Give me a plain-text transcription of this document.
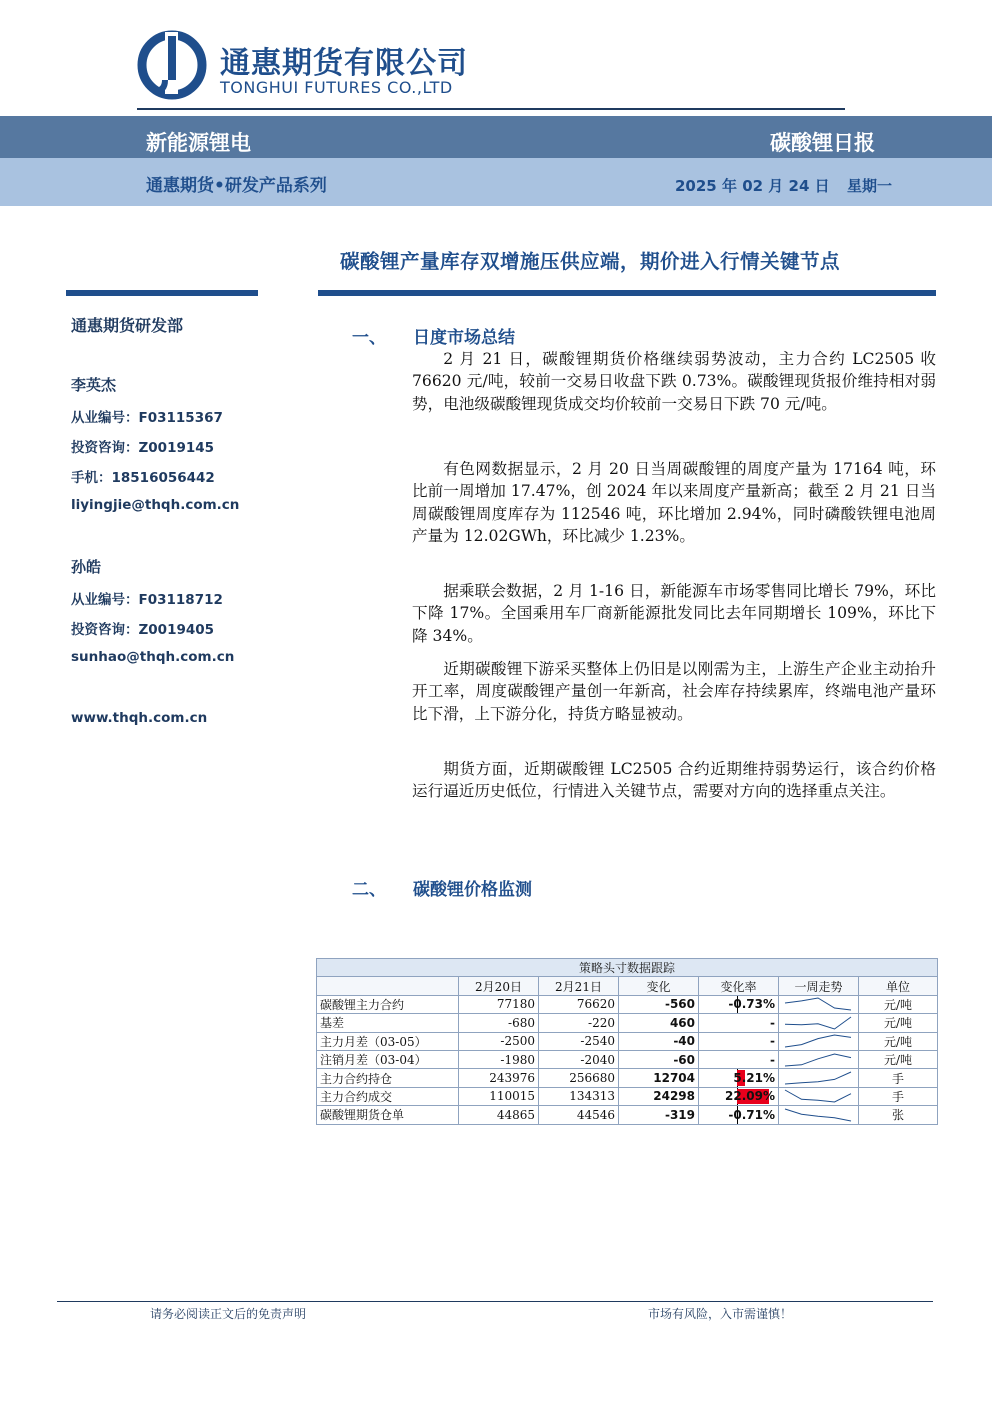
通惠期货有限公司
TONGHUI FUTURES CO.,LTD
新能源锂电	碳酸锂日报
通惠期货•研发产品系列	2025 年 02 月 24 日 星期一
碳酸锂产量库存双增施压供应端，期价进入行情关键节点
通惠期货研发部
李英杰
从业编号：F03115367
投资咨询：Z0019145
手机：18516056442
liyingjie@thqh.com.cn
孙皓
从业编号：F03118712
投资咨询：Z0019405
sunhao@thqh.com.cn
www.thqh.com.cn
一、 日度市场总结

2 月 21 日，碳酸锂期货价格继续弱势波动，主力合约 LC2505 收 76620 元/吨，较前一交易日收盘下跌 0.73%。碳酸锂现货报价维持相对弱势，电池级碳酸锂现货成交均价较前一交易日下跌 70 元/吨。

有色网数据显示，2 月 20 日当周碳酸锂的周度产量为 17164 吨，环比前一周增加 17.47%，创 2024 年以来周度产量新高；截至 2 月 21 日当周碳酸锂周度库存为 112546 吨，环比增加 2.94%，同时磷酸铁锂电池周产量为 12.02GWh，环比减少 1.23%。

据乘联会数据，2 月 1-16 日，新能源车市场零售同比增长 79%，环比下降 17%。全国乘用车厂商新能源批发同比去年同期增长 109%，环比下降 34%。

近期碳酸锂下游采买整体上仍旧是以刚需为主，上游生产企业主动抬升开工率，周度碳酸锂产量创一年新高，社会库存持续累库，终端电池产量环比下滑，上下游分化，持货方略显被动。

期货方面，近期碳酸锂 LC2505 合约近期维持弱势运行，该合约价格运行逼近历史低位，行情进入关键节点，需要对方向的选择重点关注。

二、 碳酸锂价格监测
策略头寸数据跟踪						
	2月20日	2月21日	变化	变化率	一周走势	单位
碳酸锂主力合约	77180	76620	-560	-0.73%		元/吨
基差	-680	-220	460	-		元/吨
主力月差（03-05）	-2500	-2540	-40	-		元/吨
注销月差（03-04）	-1980	-2040	-60	-		元/吨
主力合约持仓	243976	256680	12704	5.21%		手
主力合约成交	110015	134313	24298	22.09%		手
碳酸锂期货仓单	44865	44546	-319	-0.71%		张
请务必阅读正文后的免责声明	市场有风险，入市需谨慎！
